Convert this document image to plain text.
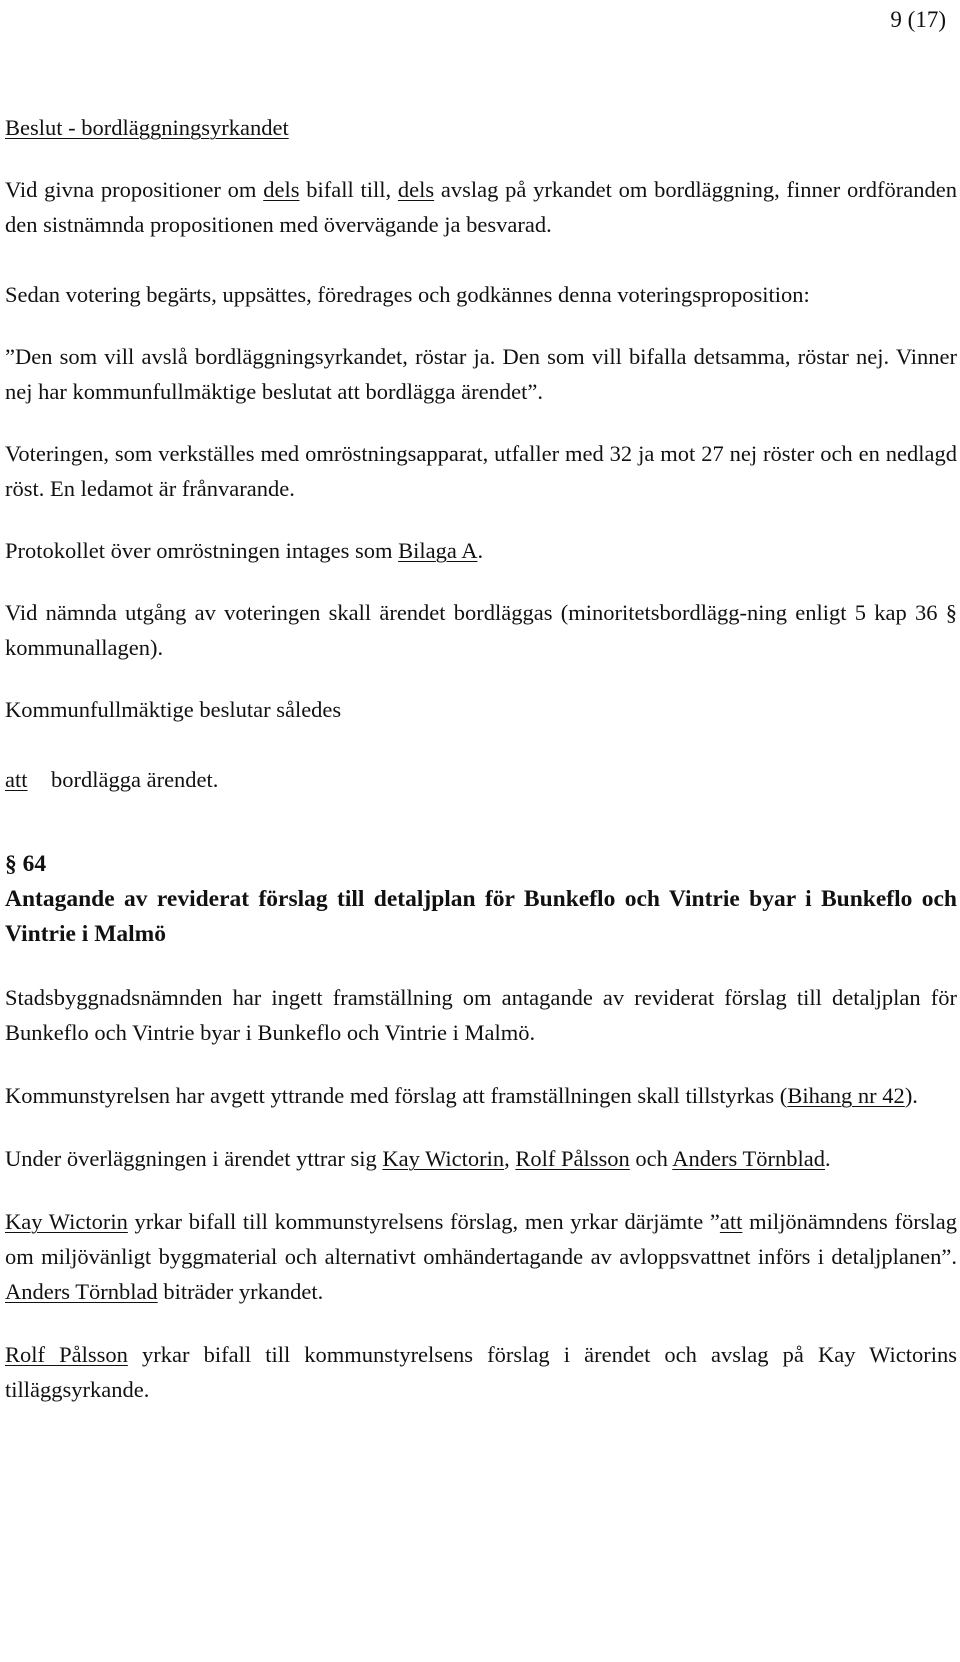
9 (17)

Beslut - bordläggningsyrkandet

Vid givna propositioner om dels bifall till, dels avslag på yrkandet om bordläggning, finner ordföranden den sistnämnda propositionen med övervägande ja besvarad.

Sedan votering begärts, uppsättes, föredrages och godkännes denna voteringsproposition:

”Den som vill avslå bordläggningsyrkandet, röstar ja. Den som vill bifalla detsamma, röstar nej. Vinner nej har kommunfullmäktige beslutat att bordlägga ärendet”.

Voteringen, som verkställes med omröstningsapparat, utfaller med 32 ja mot 27 nej röster och en nedlagd röst. En ledamot är frånvarande.

Protokollet över omröstningen intages som Bilaga A.

Vid nämnda utgång av voteringen skall ärendet bordläggas (minoritetsbordlägg-ning enligt 5 kap 36 § kommunallagen).

Kommunfullmäktige beslutar således

att bordlägga ärendet.

§ 64

Antagande av reviderat förslag till detaljplan för Bunkeflo och Vintrie byar i Bunkeflo och Vintrie i Malmö

Stadsbyggnadsnämnden har ingett framställning om antagande av reviderat förslag till detaljplan för Bunkeflo och Vintrie byar i Bunkeflo och Vintrie i Malmö.

Kommunstyrelsen har avgett yttrande med förslag att framställningen skall tillstyrkas (Bihang nr 42).

Under överläggningen i ärendet yttrar sig Kay Wictorin, Rolf Pålsson och Anders Törnblad.

Kay Wictorin yrkar bifall till kommunstyrelsens förslag, men yrkar därjämte ”att miljönämndens förslag om miljövänligt byggmaterial och alternativt omhändertagande av avloppsvattnet införs i detaljplanen”. Anders Törnblad biträder yrkandet.

Rolf Pålsson yrkar bifall till kommunstyrelsens förslag i ärendet och avslag på Kay Wictorins tilläggsyrkande.
